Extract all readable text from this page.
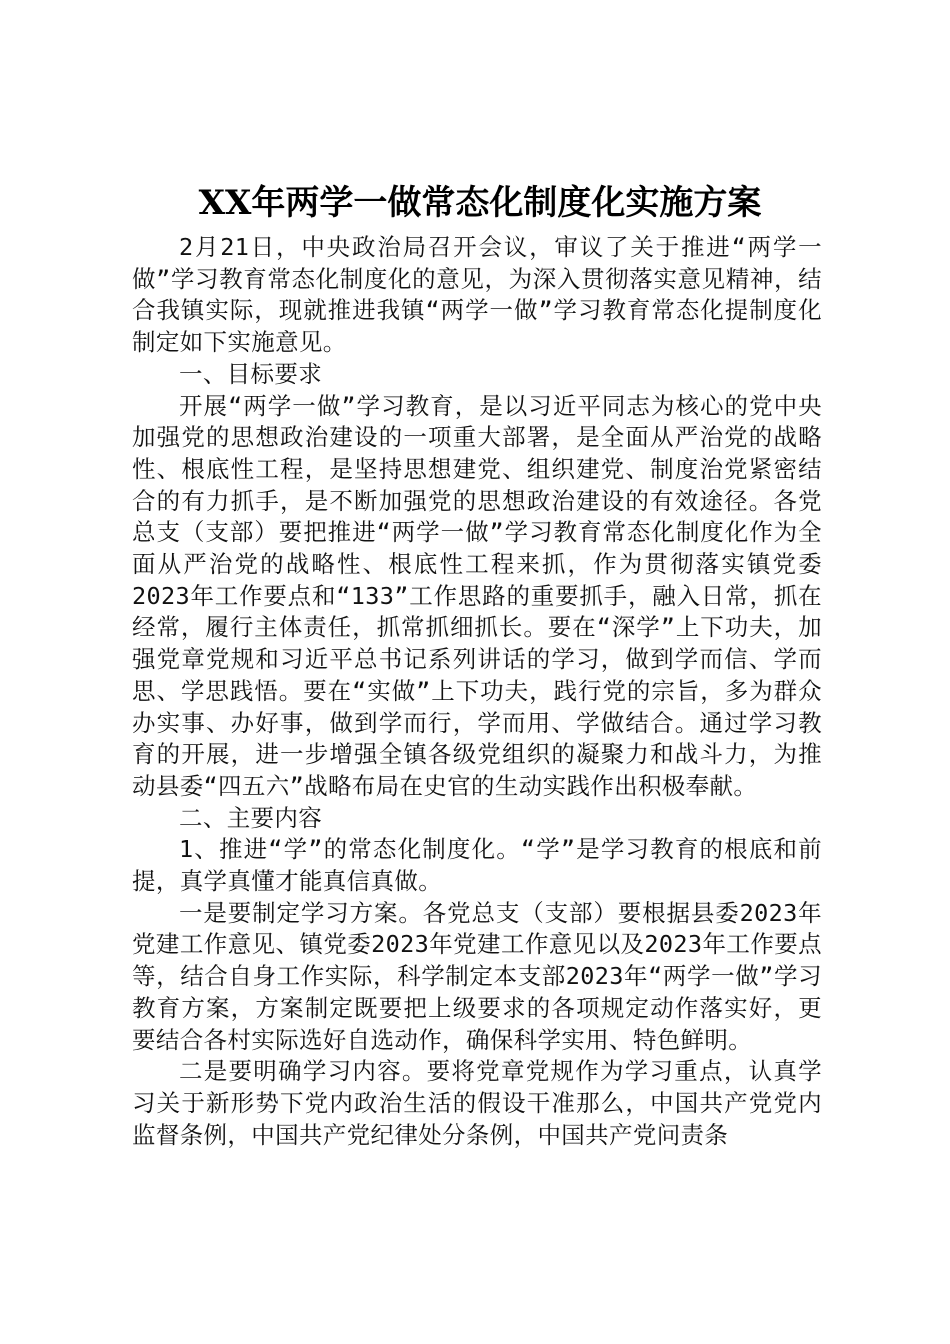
XX年两学一做常态化制度化实施方案

2月21日，中央政治局召开会议，审议了关于推进“两学一做”学习教育常态化制度化的意见，为深入贯彻落实意见精神，结合我镇实际，现就推进我镇“两学一做”学习教育常态化提制度化制定如下实施意见。

一、目标要求

开展“两学一做”学习教育，是以习近平同志为核心的党中央加强党的思想政治建设的一项重大部署，是全面从严治党的战略性、根底性工程，是坚持思想建党、组织建党、制度治党紧密结合的有力抓手，是不断加强党的思想政治建设的有效途径。各党总支（支部）要把推进“两学一做”学习教育常态化制度化作为全面从严治党的战略性、根底性工程来抓，作为贯彻落实镇党委2023年工作要点和“133”工作思路的重要抓手，融入日常，抓在经常，履行主体责任，抓常抓细抓长。要在“深学”上下功夫，加强党章党规和习近平总书记系列讲话的学习，做到学而信、学而思、学思践悟。要在“实做”上下功夫，践行党的宗旨，多为群众办实事、办好事，做到学而行，学而用、学做结合。通过学习教育的开展，进一步增强全镇各级党组织的凝聚力和战斗力，为推动县委“四五六”战略布局在史官的生动实践作出积极奉献。

二、主要内容

1、推进“学”的常态化制度化。“学”是学习教育的根底和前提，真学真懂才能真信真做。

一是要制定学习方案。各党总支（支部）要根据县委2023年党建工作意见、镇党委2023年党建工作意见以及2023年工作要点等，结合自身工作实际，科学制定本支部2023年“两学一做”学习教育方案，方案制定既要把上级要求的各项规定动作落实好，更要结合各村实际选好自选动作，确保科学实用、特色鲜明。

二是要明确学习内容。要将党章党规作为学习重点，认真学习关于新形势下党内政治生活的假设干准那么，中国共产党党内监督条例，中国共产党纪律处分条例，中国共产党问责条
